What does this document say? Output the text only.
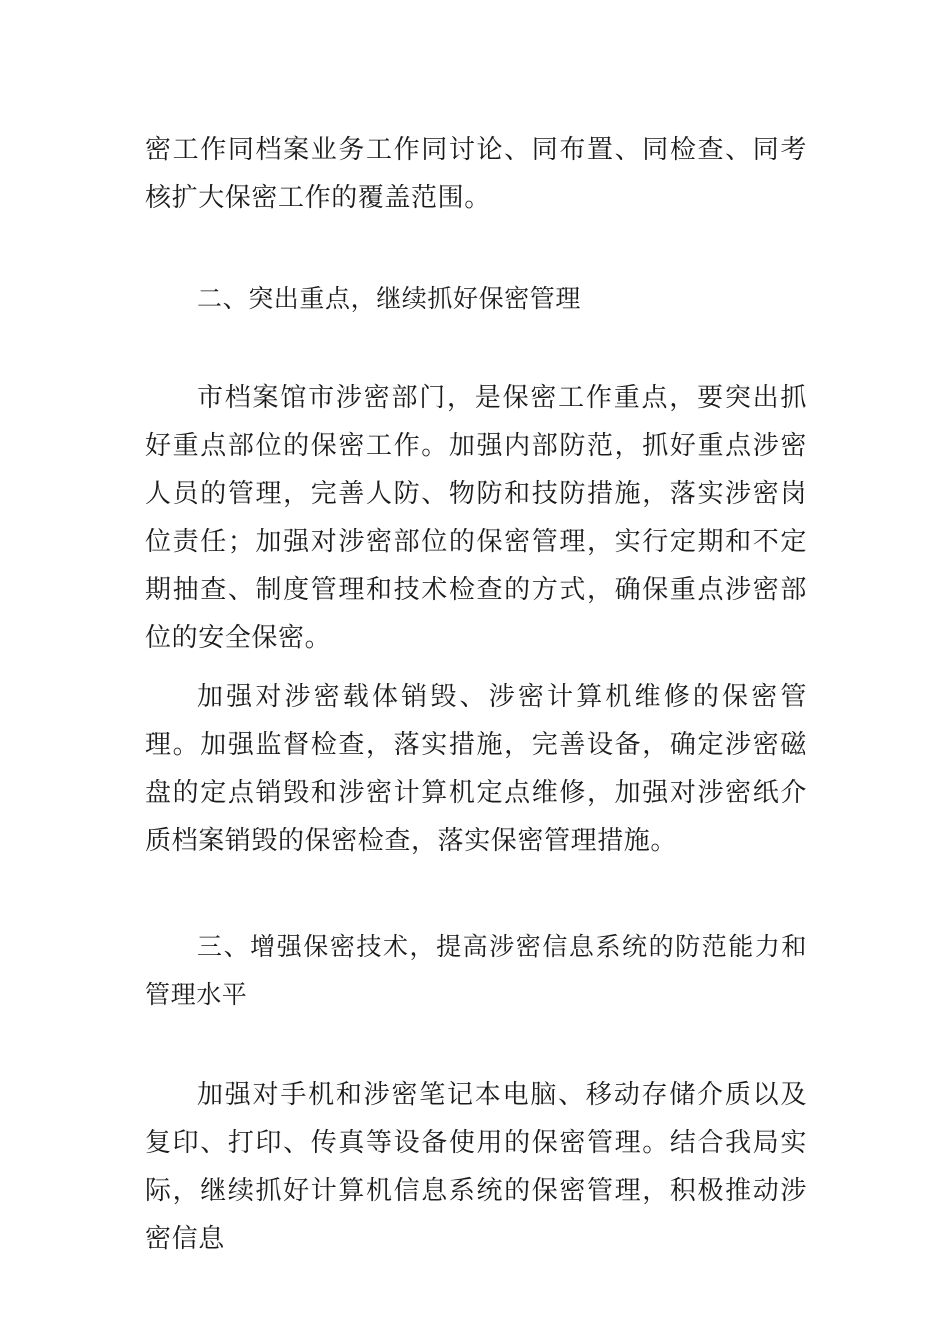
密工作同档案业务工作同讨论、同布置、同检查、同考核扩大保密工作的覆盖范围。

二、突出重点，继续抓好保密管理

市档案馆市涉密部门，是保密工作重点，要突出抓好重点部位的保密工作。加强内部防范，抓好重点涉密人员的管理，完善人防、物防和技防措施，落实涉密岗位责任；加强对涉密部位的保密管理，实行定期和不定期抽查、制度管理和技术检查的方式，确保重点涉密部位的安全保密。

加强对涉密载体销毁、涉密计算机维修的保密管理。加强监督检查，落实措施，完善设备，确定涉密磁盘的定点销毁和涉密计算机定点维修，加强对涉密纸介质档案销毁的保密检查，落实保密管理措施。

三、增强保密技术，提高涉密信息系统的防范能力和管理水平

加强对手机和涉密笔记本电脑、移动存储介质以及复印、打印、传真等设备使用的保密管理。结合我局实际，继续抓好计算机信息系统的保密管理，积极推动涉密信息
